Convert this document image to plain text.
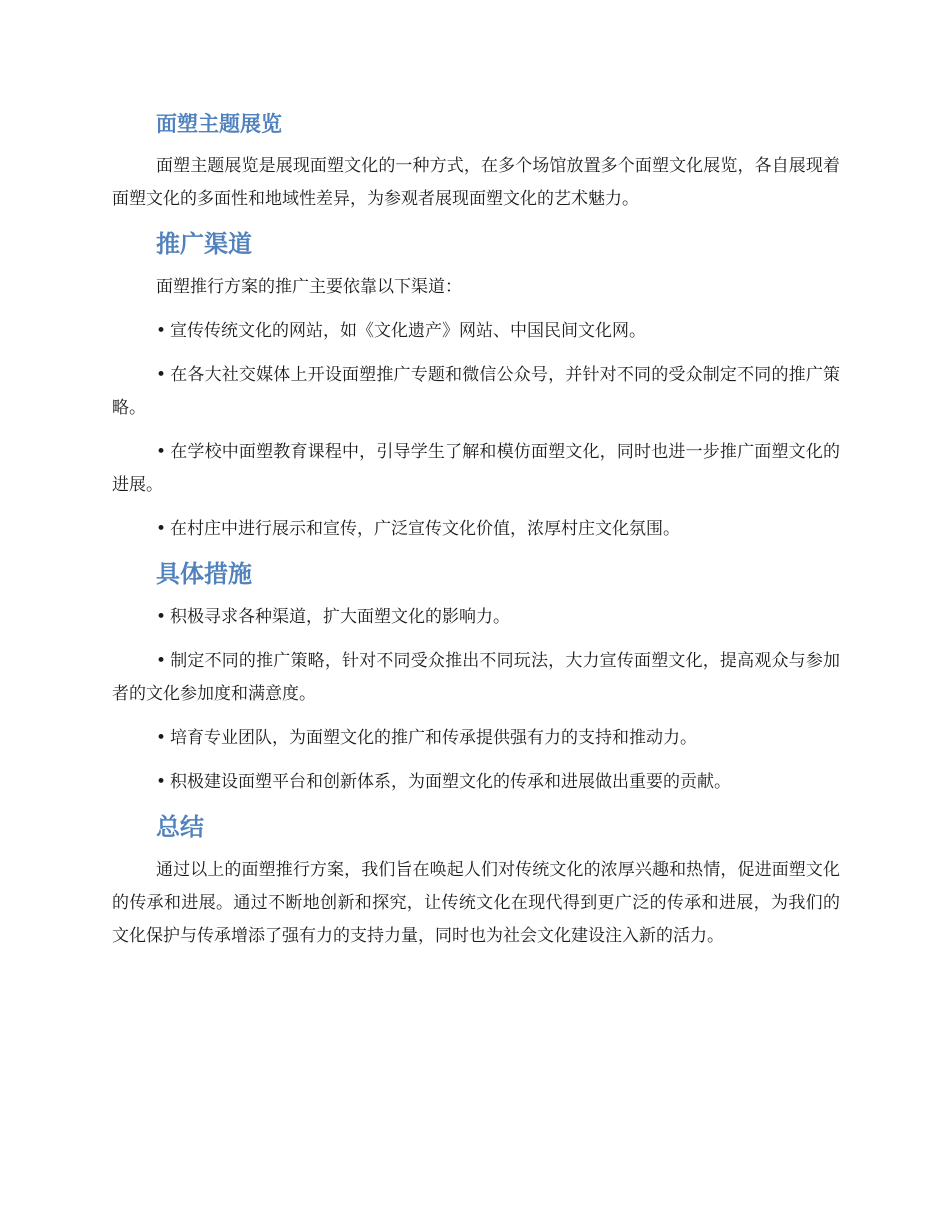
面塑主题展览

面塑主题展览是展现面塑文化的一种方式，在多个场馆放置多个面塑文化展览，各自展现着面塑文化的多面性和地域性差异，为参观者展现面塑文化的艺术魅力。

推广渠道

面塑推行方案的推广主要依靠以下渠道：

• 宣传传统文化的网站，如《文化遗产》网站、中国民间文化网。

• 在各大社交媒体上开设面塑推广专题和微信公众号，并针对不同的受众制定不同的推广策略。

• 在学校中面塑教育课程中，引导学生了解和模仿面塑文化，同时也进一步推广面塑文化的进展。

• 在村庄中进行展示和宣传，广泛宣传文化价值，浓厚村庄文化氛围。

具体措施

• 积极寻求各种渠道，扩大面塑文化的影响力。

• 制定不同的推广策略，针对不同受众推出不同玩法，大力宣传面塑文化，提高观众与参加者的文化参加度和满意度。

• 培育专业团队，为面塑文化的推广和传承提供强有力的支持和推动力。

• 积极建设面塑平台和创新体系，为面塑文化的传承和进展做出重要的贡献。

总结

通过以上的面塑推行方案，我们旨在唤起人们对传统文化的浓厚兴趣和热情，促进面塑文化的传承和进展。通过不断地创新和探究，让传统文化在现代得到更广泛的传承和进展，为我们的文化保护与传承增添了强有力的支持力量，同时也为社会文化建设注入新的活力。
